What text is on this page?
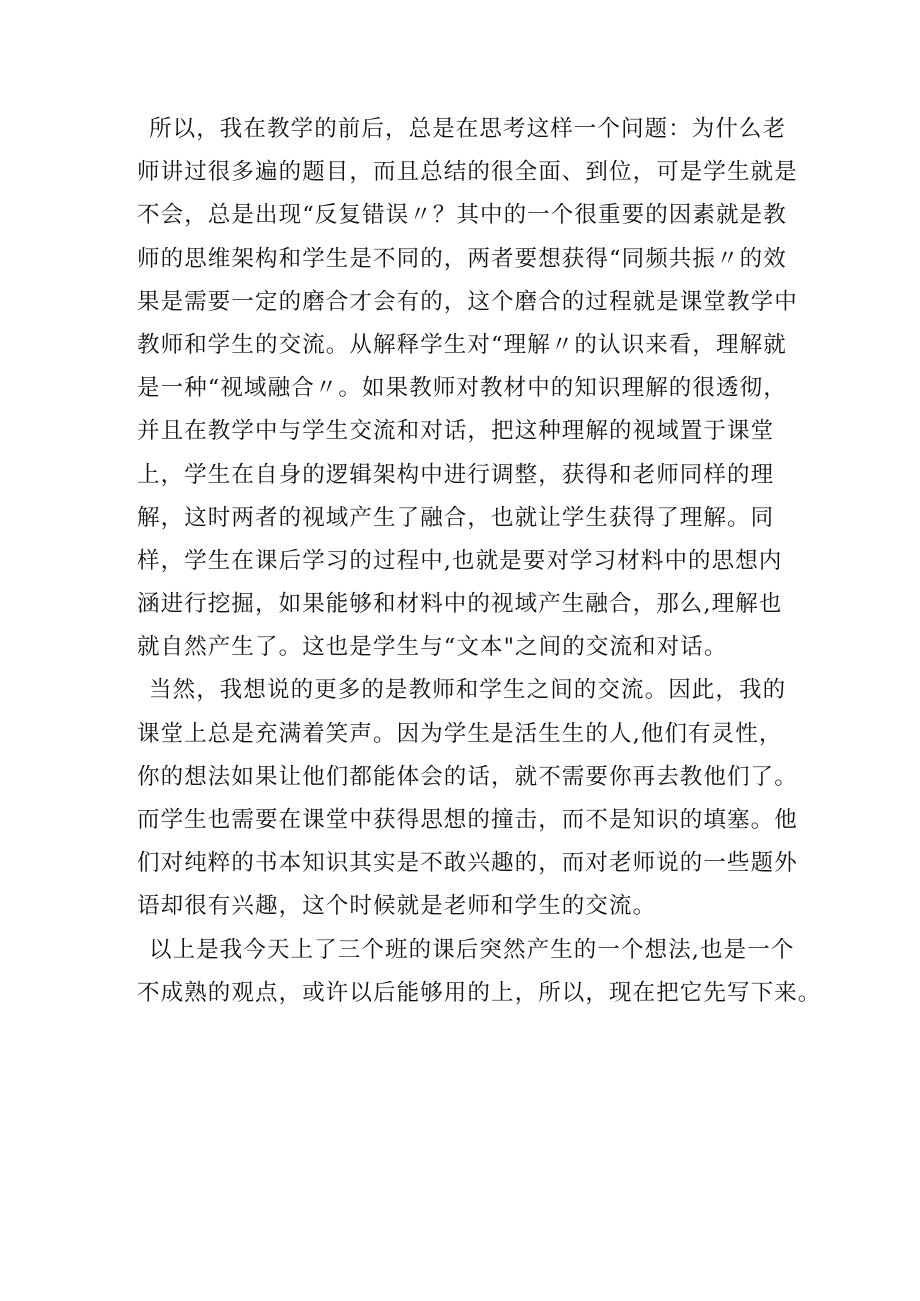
所以，我在教学的前后，总是在思考这样一个问题：为什么老
师讲过很多遍的题目，而且总结的很全面、到位，可是学生就是
不会，总是出现“反复错误〃？其中的一个很重要的因素就是教
师的思维架构和学生是不同的，两者要想获得“同频共振〃的效
果是需要一定的磨合才会有的，这个磨合的过程就是课堂教学中
教师和学生的交流。从解释学生对“理解〃的认识来看，理解就
是一种“视域融合〃。如果教师对教材中的知识理解的很透彻，
并且在教学中与学生交流和对话，把这种理解的视域置于课堂
上，学生在自身的逻辑架构中进行调整，获得和老师同样的理
解，这时两者的视域产生了融合，也就让学生获得了理解。同
样，学生在课后学习的过程中,也就是要对学习材料中的思想内
涵进行挖掘，如果能够和材料中的视域产生融合，那么,理解也
就自然产生了。这也是学生与“文本"之间的交流和对话。
当然，我想说的更多的是教师和学生之间的交流。因此，我的
课堂上总是充满着笑声。因为学生是活生生的人,他们有灵性，
你的想法如果让他们都能体会的话，就不需要你再去教他们了。
而学生也需要在课堂中获得思想的撞击，而不是知识的填塞。他
们对纯粹的书本知识其实是不敢兴趣的，而对老师说的一些题外
语却很有兴趣，这个时候就是老师和学生的交流。
以上是我今天上了三个班的课后突然产生的一个想法,也是一个
不成熟的观点，或许以后能够用的上，所以，现在把它先写下来。
